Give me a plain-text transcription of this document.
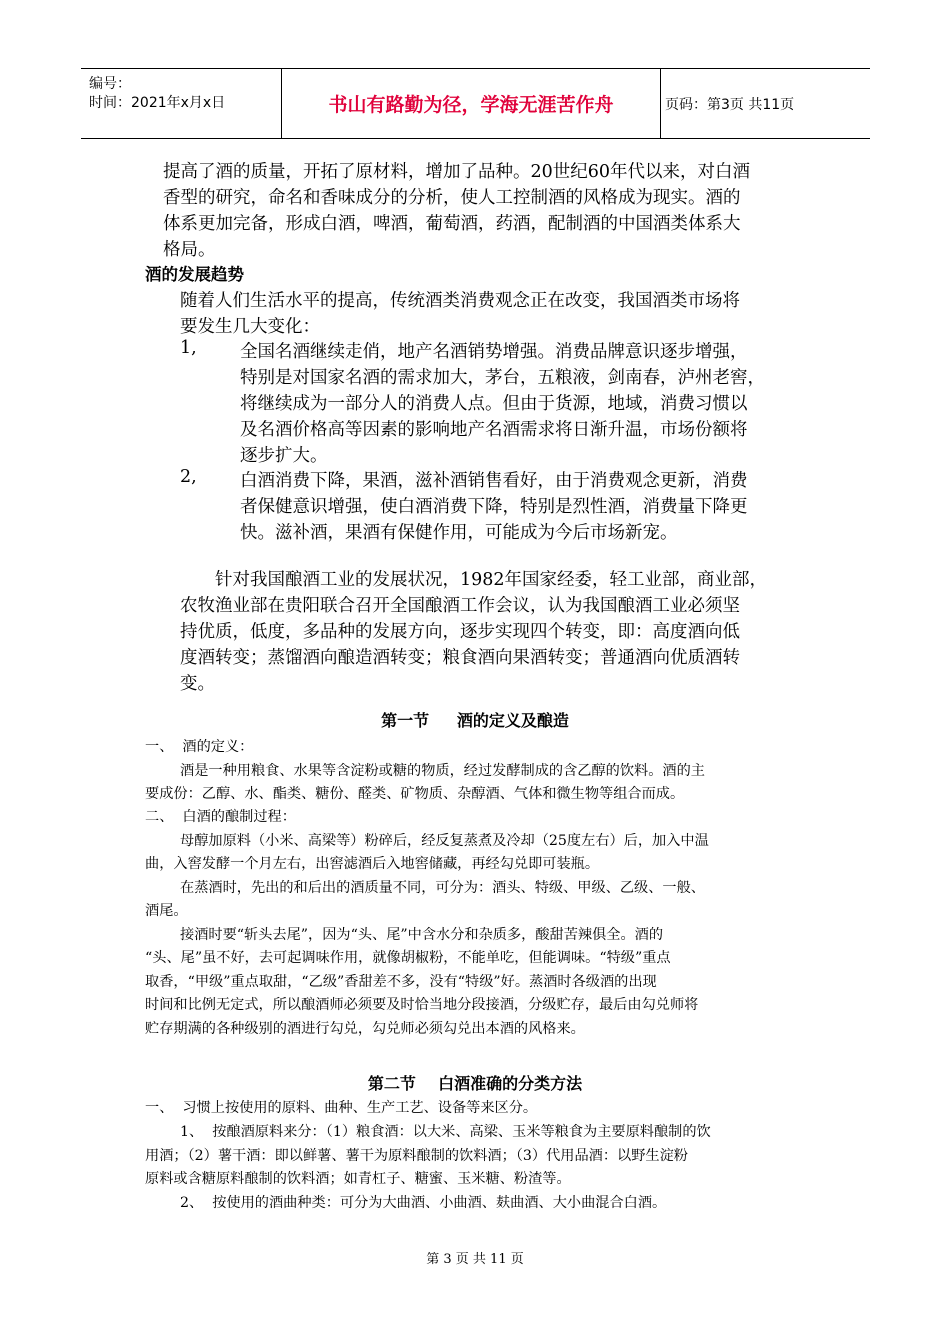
编号：
时间：2021年x月x日	书山有路勤为径，学海无涯苦作舟	页码：第3页 共11页
提高了酒的质量，开拓了原材料，增加了品种。20世纪60年代以来，对白酒
香型的研究，命名和香味成分的分析，使人工控制酒的风格成为现实。酒的
体系更加完备，形成白酒，啤酒，葡萄酒，药酒，配制酒的中国酒类体系大
格局。
酒的发展趋势
随着人们生活水平的提高，传统酒类消费观念正在改变，我国酒类市场将
要发生几大变化：
1, 全国名酒继续走俏，地产名酒销势增强。消费品牌意识逐步增强，
特别是对国家名酒的需求加大，茅台，五粮液，剑南春，泸州老窖，
将继续成为一部分人的消费人点。但由于货源，地域，消费习惯以
及名酒价格高等因素的影响地产名酒需求将日渐升温，市场份额将
逐步扩大。
2, 白酒消费下降，果酒，滋补酒销售看好，由于消费观念更新，消费
者保健意识增强，使白酒消费下降，特别是烈性酒，消费量下降更
快。滋补酒，果酒有保健作用，可能成为今后市场新宠。
针对我国酿酒工业的发展状况，1982年国家经委，轻工业部，商业部，
农牧渔业部在贵阳联合召开全国酿酒工作会议，认为我国酿酒工业必须坚
持优质，低度，多品种的发展方向，逐步实现四个转变，即：高度酒向低
度酒转变；蒸馏酒向酿造酒转变；粮食酒向果酒转变；普通酒向优质酒转
变。
第一节     酒的定义及酿造
一、  酒的定义：
酒是一种用粮食、水果等含淀粉或糖的物质，经过发酵制成的含乙醇的饮料。酒的主
要成份：乙醇、水、酯类、糖份、醛类、矿物质、杂醇酒、气体和微生物等组合而成。
二、  白酒的酿制过程：
母醇加原料（小米、高梁等）粉碎后，经反复蒸煮及冷却（25度左右）后，加入中温
曲，入窖发酵一个月左右，出窖滤酒后入地窖储藏，再经勾兑即可装瓶。
在蒸酒时，先出的和后出的酒质量不同，可分为：酒头、特级、甲级、乙级、一般、
酒尾。
接酒时要“斩头去尾”，因为“头、尾”中含水分和杂质多，酸甜苦辣俱全。酒的
“头、尾”虽不好，去可起调味作用，就像胡椒粉，不能单吃，但能调味。“特级”重点
取香，“甲级”重点取甜，“乙级”香甜差不多，没有“特级”好。蒸酒时各级酒的出现
时间和比例无定式，所以酿酒师必须要及时恰当地分段接酒，分级贮存，最后由勾兑师将
贮存期满的各种级别的酒进行勾兑，勾兑师必须勾兑出本酒的风格来。
第二节    白酒准确的分类方法
一、  习惯上按使用的原料、曲种、生产工艺、设备等来区分。
1、  按酿酒原料来分：（1）粮食酒：以大米、高梁、玉米等粮食为主要原料酿制的饮
用酒；（2）薯干酒：即以鲜薯、薯干为原料酿制的饮料酒；（3）代用品酒：以野生淀粉
原料或含糖原料酿制的饮料酒；如青杠子、糖蜜、玉米糖、粉渣等。
2、  按使用的酒曲种类：可分为大曲酒、小曲酒、麸曲酒、大小曲混合白酒。
第 3 页 共 11 页
